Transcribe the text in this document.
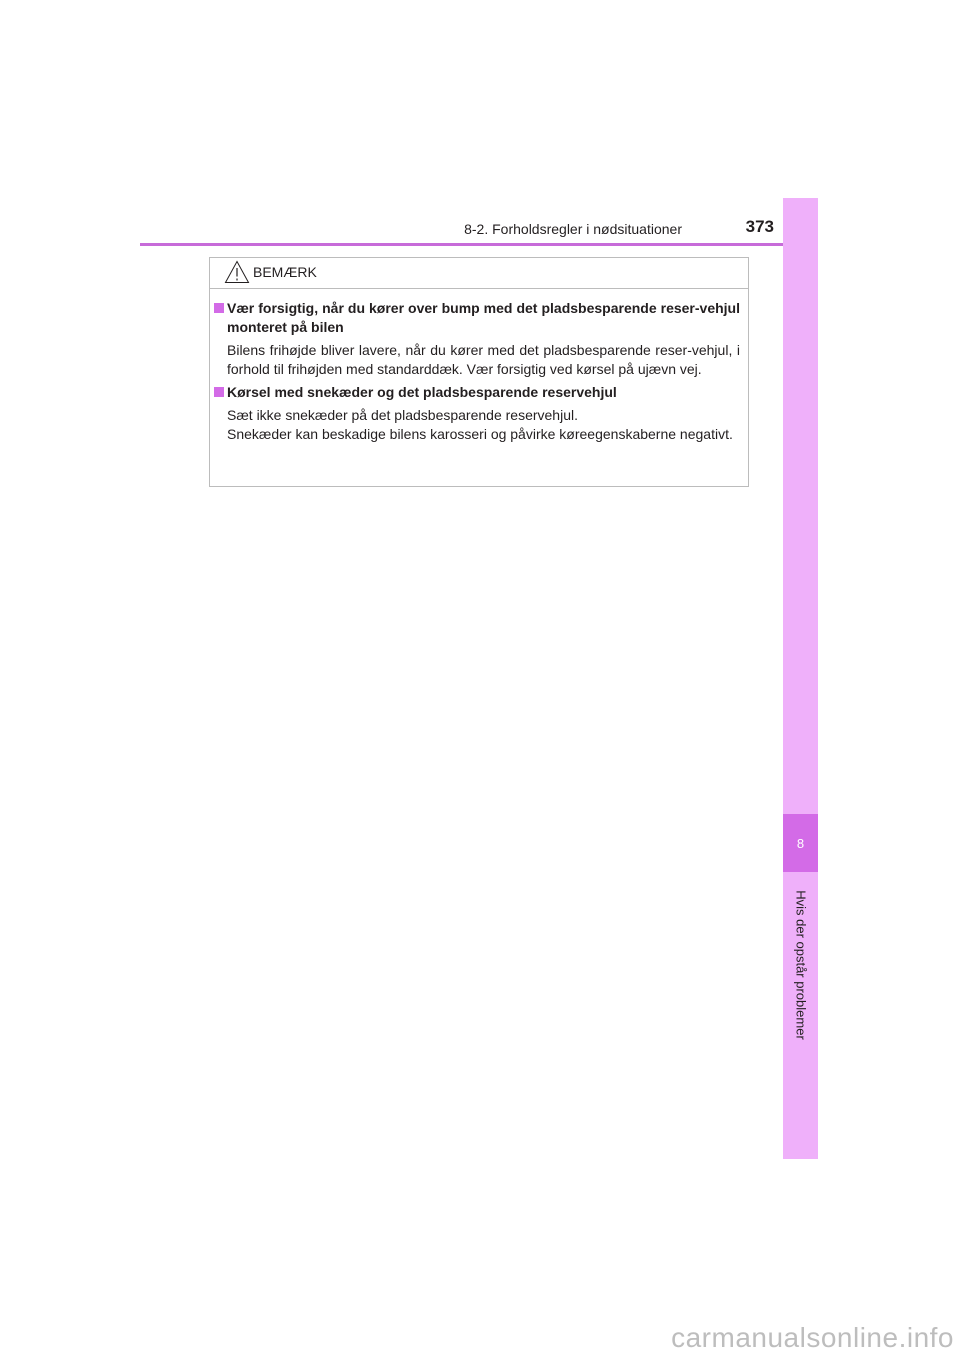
8-2. Forholdsregler i nødsituationer	373
8
Hvis der opstår problemer
BEMÆRK
Vær forsigtig, når du kører over bump med det pladsbesparende reser-vehjul monteret på bilen

Bilens frihøjde bliver lavere, når du kører med det pladsbesparende reser-vehjul, i forhold til frihøjden med standarddæk. Vær forsigtig ved kørsel på ujævn vej.

Kørsel med snekæder og det pladsbesparende reservehjul

Sæt ikke snekæder på det pladsbesparende reservehjul.

Snekæder kan beskadige bilens karosseri og påvirke køreegenskaberne negativt.

carmanualsonline.info
